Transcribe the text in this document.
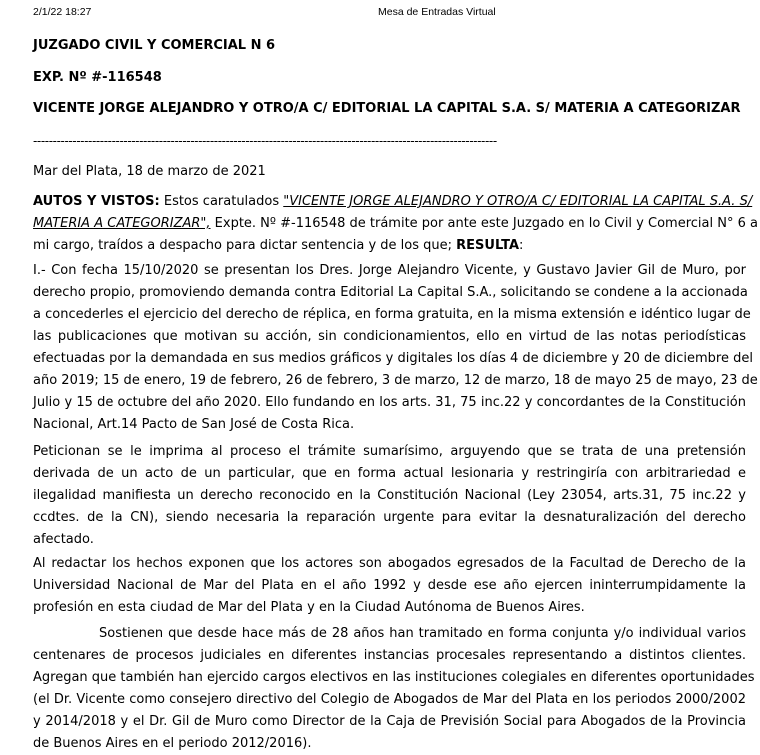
2/1/22 18:27	Mesa de Entradas Virtual
JUZGADO CIVIL Y COMERCIAL N 6
EXP. Nº #-116548
VICENTE JORGE ALEJANDRO Y OTRO/A C/ EDITORIAL LA CAPITAL S.A. S/ MATERIA A CATEGORIZAR
----------------------------------------------------------------------------------------------------------------------
Mar del Plata, 18 de marzo de 2021
AUTOS Y VISTOS: Estos caratulados "VICENTE JORGE ALEJANDRO Y OTRO/A C/ EDITORIAL LA CAPITAL S.A. S/
MATERIA A CATEGORIZAR", Expte. Nº #-116548 de trámite por ante este Juzgado en lo Civil y Comercial N° 6 a
mi cargo, traídos a despacho para dictar sentencia y de los que; RESULTA:
I.- Con fecha 15/10/2020 se presentan los Dres. Jorge Alejandro Vicente, y Gustavo Javier Gil de Muro, por
derecho propio, promoviendo demanda contra Editorial La Capital S.A., solicitando se condene a la accionada
a concederles el ejercicio del derecho de réplica, en forma gratuita, en la misma extensión e idéntico lugar de
las publicaciones que motivan su acción, sin condicionamientos, ello en virtud de las notas periodísticas
efectuadas por la demandada en sus medios gráficos y digitales los días 4 de diciembre y 20 de diciembre del
año 2019; 15 de enero, 19 de febrero, 26 de febrero, 3 de marzo, 12 de marzo, 18 de mayo 25 de mayo, 23 de
Julio y 15 de octubre del año 2020. Ello fundando en los arts. 31, 75 inc.22 y concordantes de la Constitución
Nacional, Art.14 Pacto de San José de Costa Rica.
Peticionan se le imprima al proceso el trámite sumarísimo, arguyendo que se trata de una pretensión
derivada de un acto de un particular, que en forma actual lesionaria y restringiría con arbitrariedad e
ilegalidad manifiesta un derecho reconocido en la Constitución Nacional (Ley 23054, arts.31, 75 inc.22 y
ccdtes. de la CN), siendo necesaria la reparación urgente para evitar la desnaturalización del derecho
afectado.
Al redactar los hechos exponen que los actores son abogados egresados de la Facultad de Derecho de la
Universidad Nacional de Mar del Plata en el año 1992 y desde ese año ejercen ininterrumpidamente la
profesión en esta ciudad de Mar del Plata y en la Ciudad Autónoma de Buenos Aires.
Sostienen que desde hace más de 28 años han tramitado en forma conjunta y/o individual varios
centenares de procesos judiciales en diferentes instancias procesales representando a distintos clientes.
Agregan que también han ejercido cargos electivos en las instituciones colegiales en diferentes oportunidades
(el Dr. Vicente como consejero directivo del Colegio de Abogados de Mar del Plata en los periodos 2000/2002
y 2014/2018 y el Dr. Gil de Muro como Director de la Caja de Previsión Social para Abogados de la Provincia
de Buenos Aires en el periodo 2012/2016).
